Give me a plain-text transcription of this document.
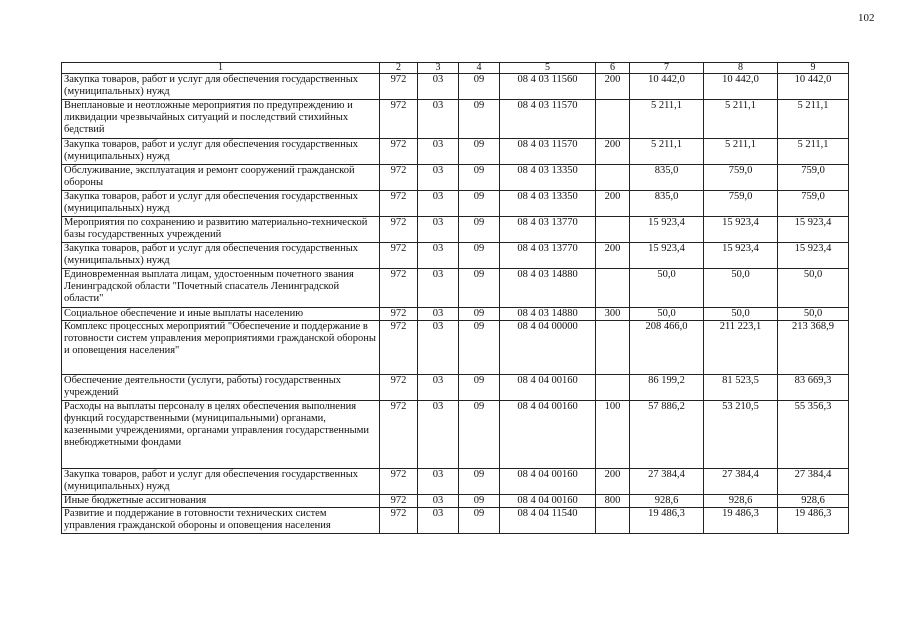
102
1	2	3	4	5	6	7	8	9
Закупка товаров, работ и услуг для обеспечения государственных (муниципальных) нужд	972	03	09	08 4 03 11560	200	10 442,0	10 442,0	10 442,0
Внеплановые и неотложные мероприятия по предупреждению и ликвидации чрезвычайных ситуаций и последствий стихийных бедствий	972	03	09	08 4 03 11570		5 211,1	5 211,1	5 211,1
Закупка товаров, работ и услуг для обеспечения государственных (муниципальных) нужд	972	03	09	08 4 03 11570	200	5 211,1	5 211,1	5 211,1
Обслуживание, эксплуатация и ремонт сооружений гражданской обороны	972	03	09	08 4 03 13350		835,0	759,0	759,0
Закупка товаров, работ и услуг для обеспечения государственных (муниципальных) нужд	972	03	09	08 4 03 13350	200	835,0	759,0	759,0
Мероприятия по сохранению и развитию материально-технической базы государственных учреждений	972	03	09	08 4 03 13770		15 923,4	15 923,4	15 923,4
Закупка товаров, работ и услуг для обеспечения государственных (муниципальных) нужд	972	03	09	08 4 03 13770	200	15 923,4	15 923,4	15 923,4
Единовременная выплата лицам, удостоенным почетного звания Ленинградской области "Почетный спасатель Ленинградской области"	972	03	09	08 4 03 14880		50,0	50,0	50,0
Социальное обеспечение и иные выплаты населению	972	03	09	08 4 03 14880	300	50,0	50,0	50,0
Комплекс процессных мероприятий "Обеспечение и поддержание в готовности систем управления мероприятиями гражданской обороны и оповещения населения"	972	03	09	08 4 04 00000		208 466,0	211 223,1	213 368,9
Обеспечение деятельности (услуги, работы) государственных учреждений	972	03	09	08 4 04 00160		86 199,2	81 523,5	83 669,3
Расходы на выплаты персоналу в целях обеспечения выполнения функций государственными (муниципальными) органами, казенными учреждениями, органами управления государственными внебюджетными фондами	972	03	09	08 4 04 00160	100	57 886,2	53 210,5	55 356,3
Закупка товаров, работ и услуг для обеспечения государственных (муниципальных) нужд	972	03	09	08 4 04 00160	200	27 384,4	27 384,4	27 384,4
Иные бюджетные ассигнования	972	03	09	08 4 04 00160	800	928,6	928,6	928,6
Развитие и поддержание в готовности технических систем управления гражданской обороны и оповещения населения	972	03	09	08 4 04 11540		19 486,3	19 486,3	19 486,3
